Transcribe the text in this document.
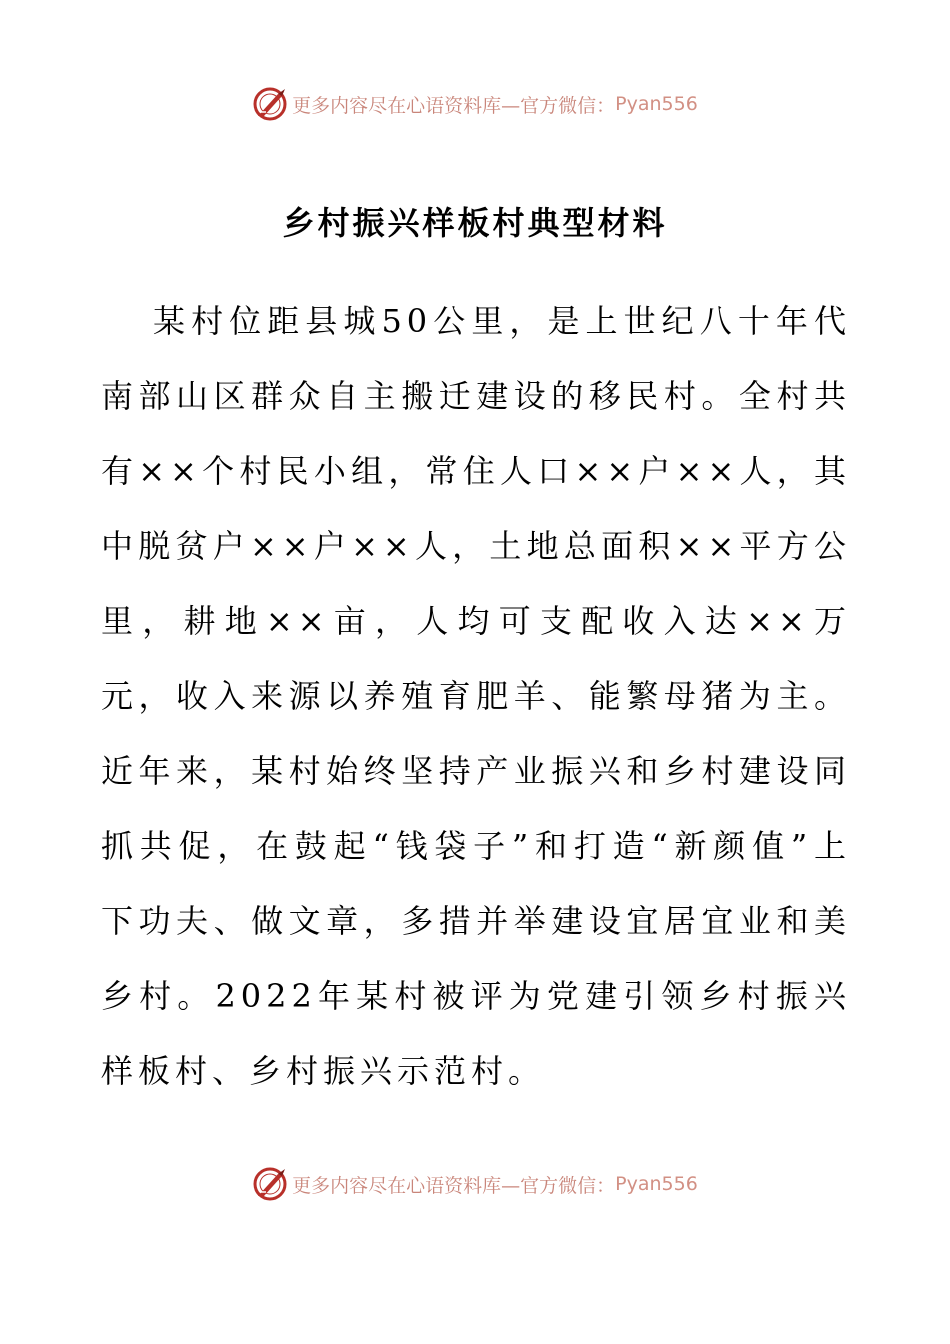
更多内容尽在心语资料库—官方微信： Pyan556
乡村振兴样板村典型材料

某村位距县城50公里，是上世纪八十年代南部山区群众自主搬迁建设的移民村。全村共有××个村民小组，常住人口××户××人，其中脱贫户××户××人，土地总面积××平方公里，耕地××亩，人均可支配收入达××万元，收入来源以养殖育肥羊、能繁母猪为主。近年来，某村始终坚持产业振兴和乡村建设同抓共促，在鼓起“钱袋子”和打造“新颜值”上下功夫、做文章，多措并举建设宜居宜业和美乡村。2022年某村被评为党建引领乡村振兴样板村、乡村振兴示范村。

更多内容尽在心语资料库—官方微信： Pyan556
